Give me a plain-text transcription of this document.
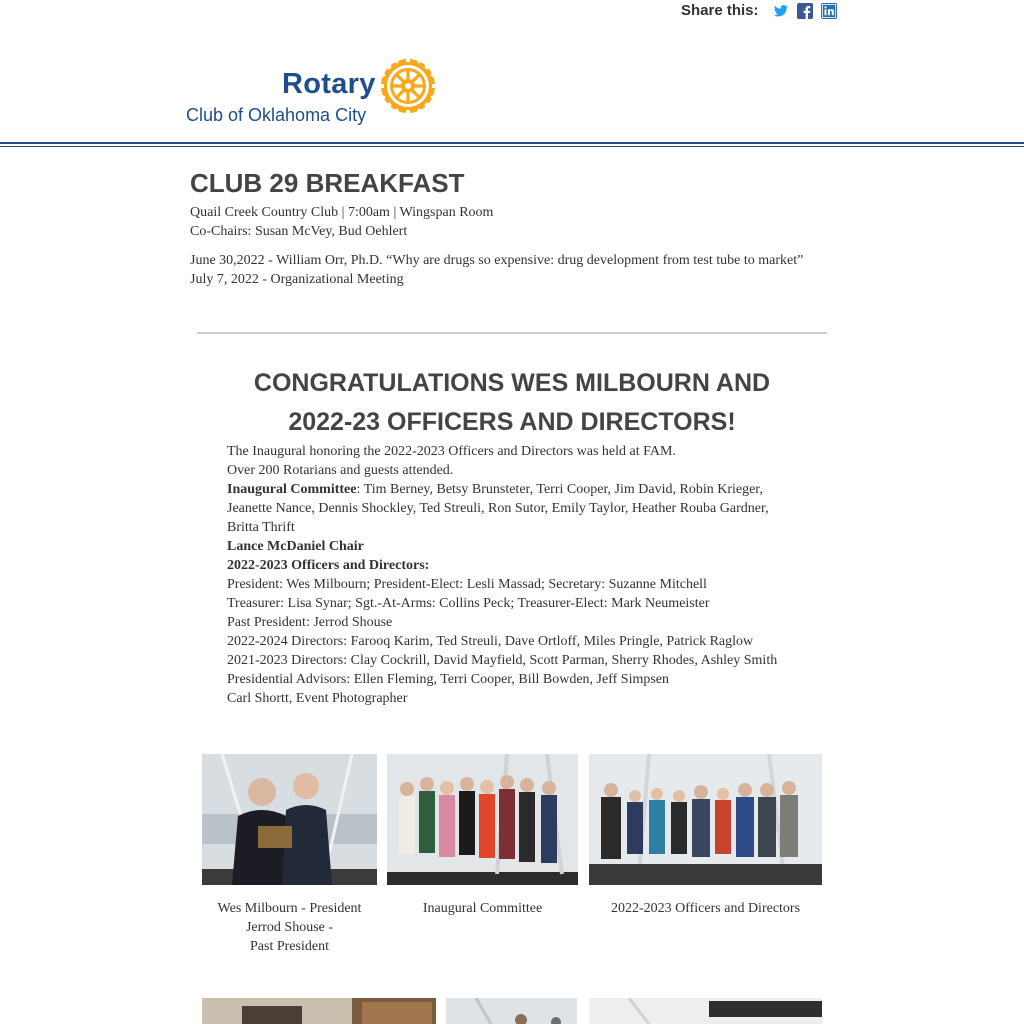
Share this:
Rotary
Club of Oklahoma City
CLUB 29 BREAKFAST
Quail Creek Country Club | 7:00am | Wingspan Room
Co-Chairs: Susan McVey, Bud Oehlert
June 30,2022 - William Orr, Ph.D. “Why are drugs so expensive: drug development from test tube to market”
July 7, 2022 - Organizational Meeting
CONGRATULATIONS WES MILBOURN AND
2022-23 OFFICERS AND DIRECTORS!
The Inaugural honoring the 2022-2023 Officers and Directors was held at FAM.
Over 200 Rotarians and guests attended.
Inaugural Committee: Tim Berney, Betsy Brunsteter, Terri Cooper, Jim David, Robin Krieger,
Jeanette Nance, Dennis Shockley, Ted Streuli, Ron Sutor, Emily Taylor, Heather Rouba Gardner,
Britta Thrift
Lance McDaniel Chair
2022-2023 Officers and Directors:
President: Wes Milbourn; President-Elect: Lesli Massad; Secretary: Suzanne Mitchell
Treasurer: Lisa Synar; Sgt.-At-Arms: Collins Peck; Treasurer-Elect: Mark Neumeister
Past President: Jerrod Shouse
2022-2024 Directors: Farooq Karim, Ted Streuli, Dave Ortloff, Miles Pringle, Patrick Raglow
2021-2023 Directors: Clay Cockrill, David Mayfield, Scott Parman, Sherry Rhodes, Ashley Smith
Presidential Advisors: Ellen Fleming, Terri Cooper, Bill Bowden, Jeff Simpsen
Carl Shortt, Event Photographer
Wes Milbourn - President
Jerrod Shouse -
Past President
Inaugural Committee	2022-2023 Officers and Directors
